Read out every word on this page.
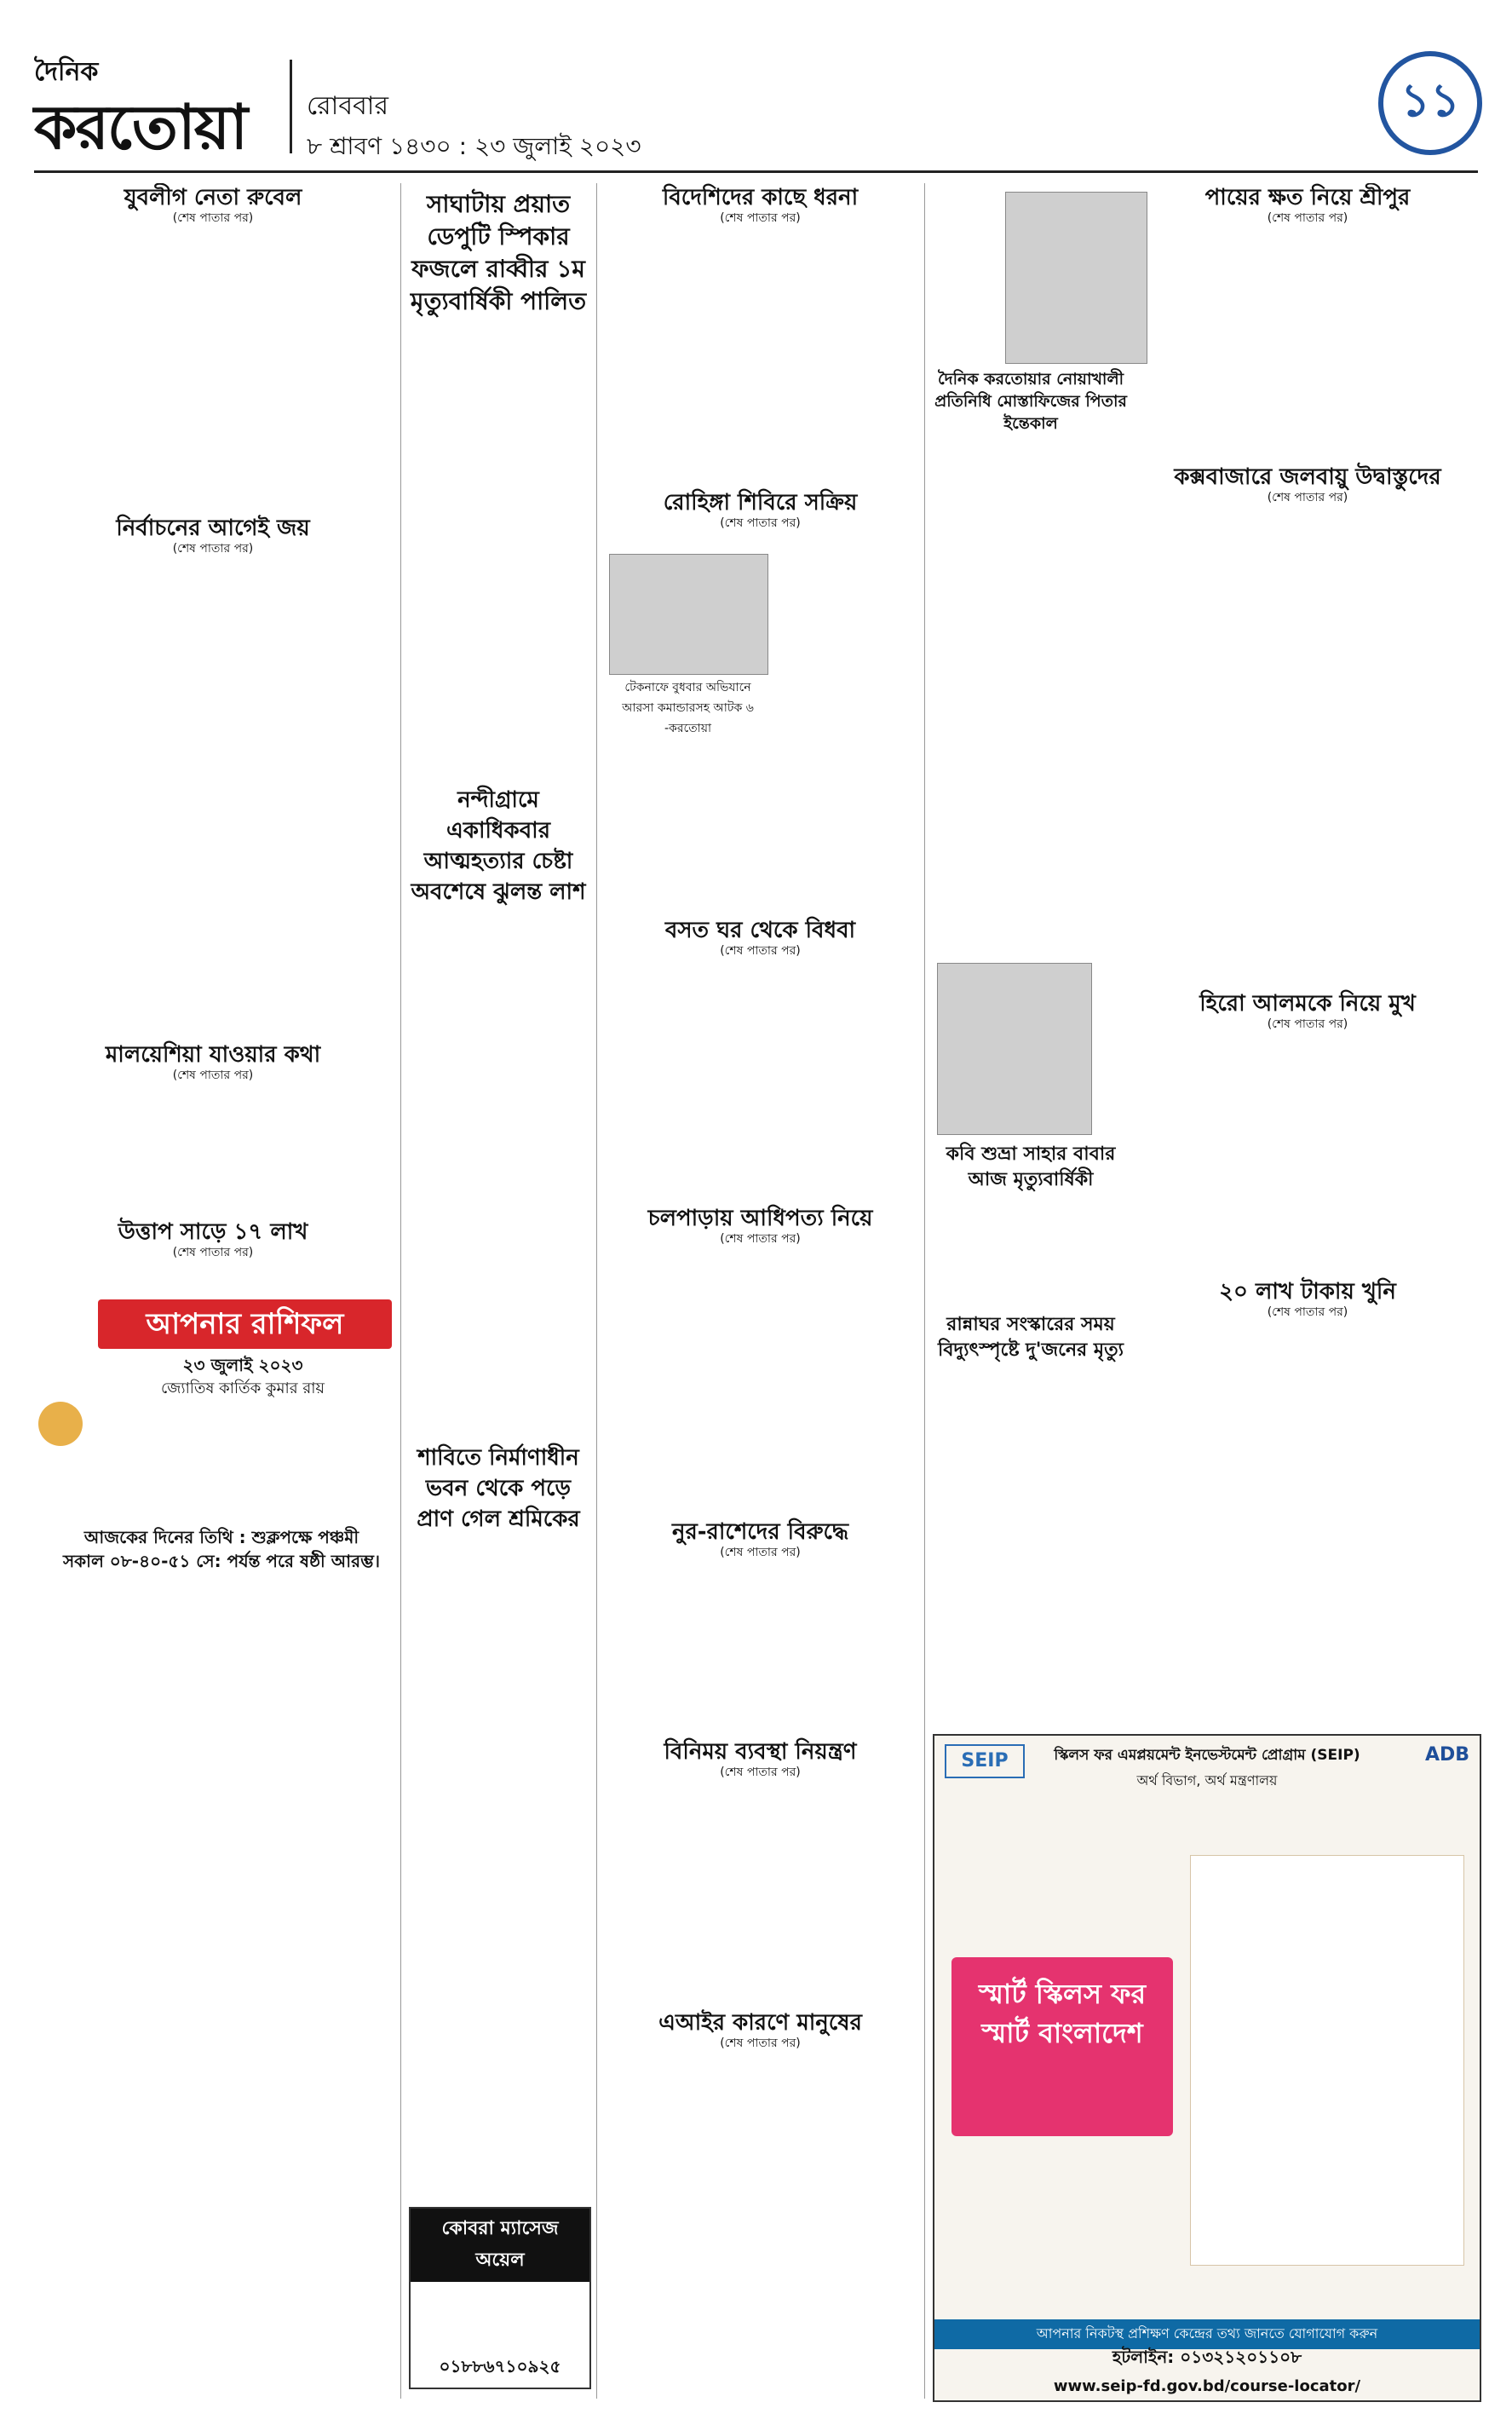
দৈনিক
করতোয়া রোববার
৮ শ্রাবণ ১৪৩০ : ২৩ জুলাই ২০২৩
১১
যুবলীগ নেতা রুবেল
(শেষ পাতার পর)
নির্বাচনের আগেই জয়
(শেষ পাতার পর)
মালয়েশিয়া যাওয়ার কথা
(শেষ পাতার পর)
উত্তাপ সাড়ে ১৭ লাখ
(শেষ পাতার পর)
আপনার রাশিফল
২৩ জুলাই ২০২৩
জ্যোতিষ কার্তিক কুমার রায়
আজকের দিনের তিথি : শুক্লপক্ষে পঞ্চমী
সকাল ০৮-৪০-৫১ সে: পর্যন্ত পরে ষষ্ঠী আরম্ভ।
সাঘাটায় প্রয়াত ডেপুটি স্পিকার ফজলে রাব্বীর ১ম মৃত্যুবার্ষিকী পালিত
নন্দীগ্রামে একাধিকবার আত্মহত্যার চেষ্টা অবশেষে ঝুলন্ত লাশ
শাবিতে নির্মাণাধীন ভবন থেকে পড়ে প্রাণ গেল শ্রমিকের
কোবরা ম্যাসেজ অয়েল
০১৮৮৬৭১০৯২৫
বিদেশিদের কাছে ধরনা
(শেষ পাতার পর)
রোহিঙ্গা শিবিরে সক্রিয়
(শেষ পাতার পর)
টেকনাফে বুধবার অভিযানে আরসা কমান্ডারসহ আটক ৬ -করতোয়া
বসত ঘর থেকে বিধবা
(শেষ পাতার পর)
চলপাড়ায় আধিপত্য নিয়ে
(শেষ পাতার পর)
নুর-রাশেদের বিরুদ্ধে
(শেষ পাতার পর)
বিনিময় ব্যবস্থা নিয়ন্ত্রণ
(শেষ পাতার পর)
এআইর কারণে মানুষের
(শেষ পাতার পর)
দৈনিক করতোয়ার নোয়াখালী প্রতিনিধি মোস্তাফিজের পিতার ইন্তেকাল
কবি শুভ্রা সাহার বাবার আজ মৃত্যুবার্ষিকী
রান্নাঘর সংস্কারের সময় বিদ্যুৎস্পৃষ্টে দু'জনের মৃত্যু
পায়ের ক্ষত নিয়ে শ্রীপুর
(শেষ পাতার পর)
কক্সবাজারে জলবায়ু উদ্বাস্তুদের
(শেষ পাতার পর)
হিরো আলমকে নিয়ে মুখ
(শেষ পাতার পর)
২০ লাখ টাকায় খুনি
(শেষ পাতার পর)
SEIP	ADB
স্কিলস ফর এমপ্লয়মেন্ট ইনভেস্টমেন্ট প্রোগ্রাম (SEIP)
অর্থ বিভাগ, অর্থ মন্ত্রণালয়
স্মার্ট স্কিলস ফর স্মার্ট বাংলাদেশ
আপনার নিকটস্থ প্রশিক্ষণ কেন্দ্রের তথ্য জানতে যোগাযোগ করুন
হটলাইন: ০১৩২১২০১১০৮
www.seip-fd.gov.bd/course-locator/
